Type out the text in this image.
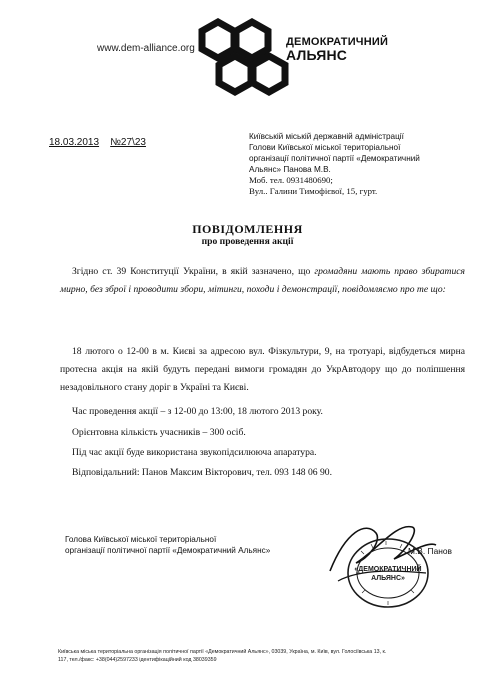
www.dem-alliance.org
ДЕМОКРАТИЧНИЙ
АЛЬЯНС
18.03.2013 №27\23
Київській міській державній адміністрації
Голови Київської міської територіальної
організації політичної партії «Демократичний
Альянс» Панова М.В.
Моб. тел. 0931480690;
Вул.. Галини Тимофієвої, 15, гурт.
ПОВІДОМЛЕННЯ
про проведення акції
Згідно ст. 39 Конституції України, в якій зазначено, що громадяни мають право збиратися мирно, без зброї і проводити збори, мітинги, походи і демонстрації, повідомляємо про те що:
18 лютого о 12-00 в м. Києві за адресою вул. Фізкультури, 9, на тротуарі, відбудеться мирна протесна акція на якій будуть передані вимоги громадян до УкрАвтодору що до поліпшення незадовільного стану доріг в Україні та Києві.
Час проведення акції – з 12-00 до 13:00, 18 лютого 2013 року.
Орієнтовна кількість учасників – 300 осіб.
Під час акції буде використана звукопідсилююча апаратура.
Відповідальний: Панов Максим Вікторович, тел. 093 148 06 90.
Голова Київської міської територіальної
організації політичної партії «Демократичний Альянс»
«ДЕМОКРАТИЧНИЙ
АЛЬЯНС»
М.В. Панов
Київська міська територіальна організація політичної партії «Демократичний Альянс», 03039, Україна, м. Київ, вул. Голосіївська 13, к.
117, тел./факс: +38(044)2597233 ідентифікаційний код 38039359
